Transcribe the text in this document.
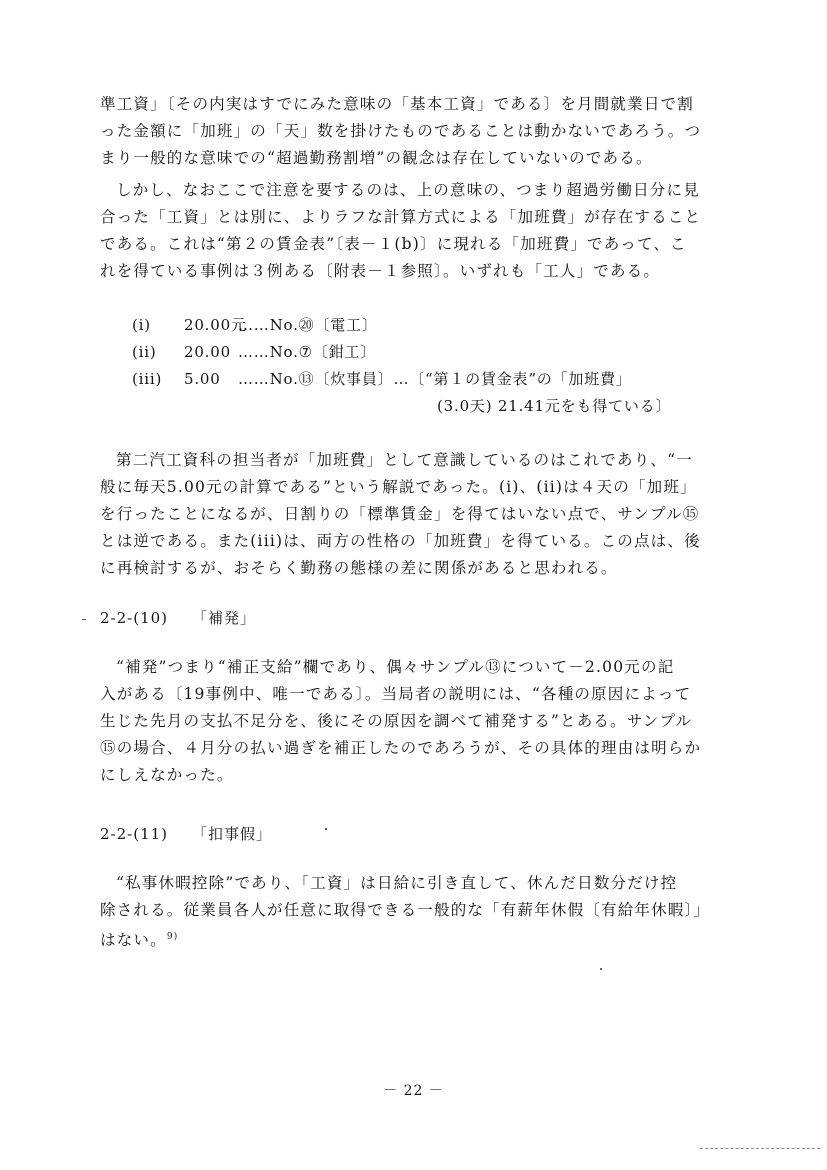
準工資」〔その内実はすでにみた意味の「基本工資」である〕を月間就業日で割
った金額に「加班」の「天」数を掛けたものであることは動かないであろう。つ
まり一般的な意味での“超過勤務割増”の観念は存在していないのである。
しかし、なおここで注意を要するのは、上の意味の、つまり超過労働日分に見
合った「工資」とは別に、よりラフな計算方式による「加班費」が存在すること
である。これは“第２の賃金表”〔表－１(b)〕に現れる「加班費」であって、こ
れを得ている事例は３例ある〔附表－１参照〕。いずれも「工人」である。
(i) 20.00元……No.⑳〔電工〕
(ii) 20.00 ……No.⑦〔鉗工〕
(iii) 5.00 ……No.⑬〔炊事員〕…〔“第１の賃金表”の「加班費」
(3.0天) 21.41元をも得ている〕
第二汽工資科の担当者が「加班費」として意識しているのはこれであり、“一
般に毎天5.00元の計算である”という解説であった。(i)、(ii)は４天の「加班」
を行ったことになるが、日割りの「標準賃金」を得てはいない点で、サンプル⑮
とは逆である。また(iii)は、両方の性格の「加班費」を得ている。この点は、後
に再検討するが、おそらく勤務の態様の差に関係があると思われる。
2-2-(10) 「補発」
“補発”つまり“補正支給”欄であり、偶々サンプル⑬について－2.00元の記
入がある〔19事例中、唯一である〕。当局者の説明には、“各種の原因によって
生じた先月の支払不足分を、後にその原因を調べて補発する”とある。サンプル
⑮の場合、４月分の払い過ぎを補正したのであろうが、その具体的理由は明らか
にしえなかった。
2-2-(11) 「扣事假」
“私事休暇控除”であり、「工資」は日給に引き直して、休んだ日数分だけ控
除される。従業員各人が任意に取得できる一般的な「有薪年休假〔有給年休暇〕」
はない。$^{9)}$
－ 22 －
